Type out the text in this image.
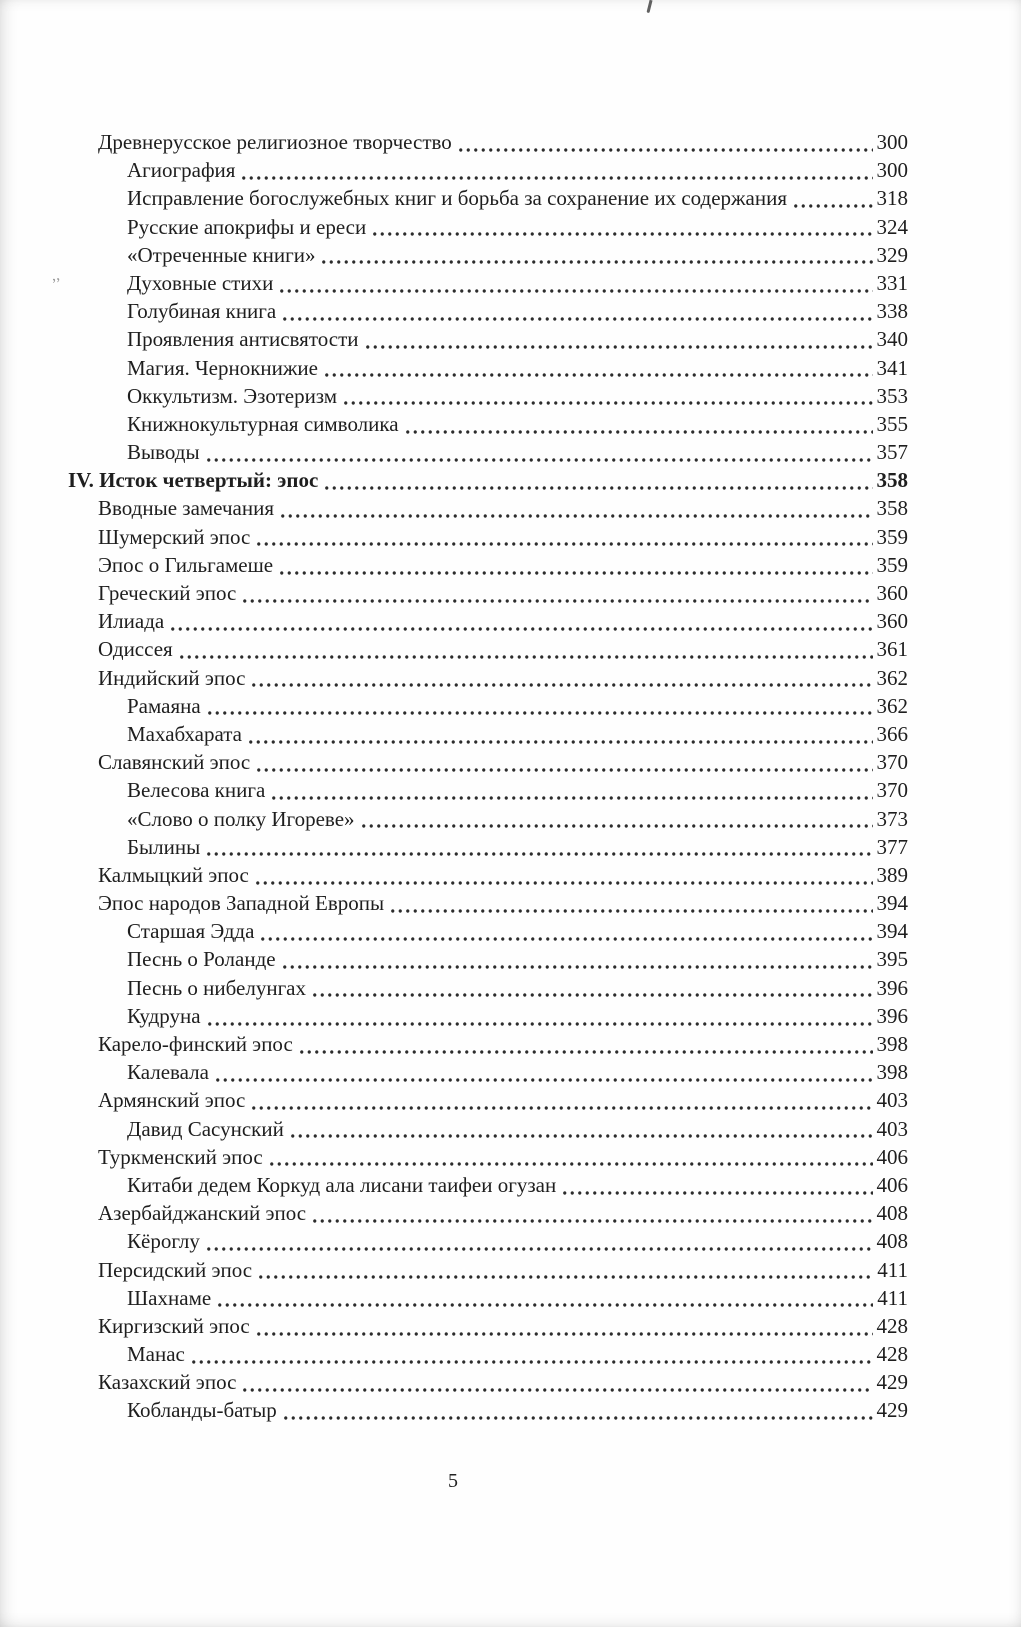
’’
Древнерусское религиозное творчество	300
Агиография	300
Исправление богослужебных книг и борьба за сохранение их содержания	318
Русские апокрифы и ереси	324
«Отреченные книги»	329
Духовные стихи	331
Голубиная книга	338
Проявления антисвятости	340
Магия. Чернокнижие	341
Оккультизм. Эзотеризм	353
Книжнокультурная символика	355
Выводы	357
IV. Исток четвертый: эпос	358
Вводные замечания	358
Шумерский эпос	359
Эпос о Гильгамеше	359
Греческий эпос	360
Илиада	360
Одиссея	361
Индийский эпос	362
Рамаяна	362
Махабхарата	366
Славянский эпос	370
Велесова книга	370
«Слово о полку Игореве»	373
Былины	377
Калмыцкий эпос	389
Эпос народов Западной Европы	394
Старшая Эдда	394
Песнь о Роланде	395
Песнь о нибелунгах	396
Кудруна	396
Карело-финский эпос	398
Калевала	398
Армянский эпос	403
Давид Сасунский	403
Туркменский эпос	406
Китаби дедем Коркуд ала лисани таифеи огузан	406
Азербайджанский эпос	408
Кёроглу	408
Персидский эпос	411
Шахнаме	411
Киргизский эпос	428
Манас	428
Казахский эпос	429
Кобланды-батыр	429
5
